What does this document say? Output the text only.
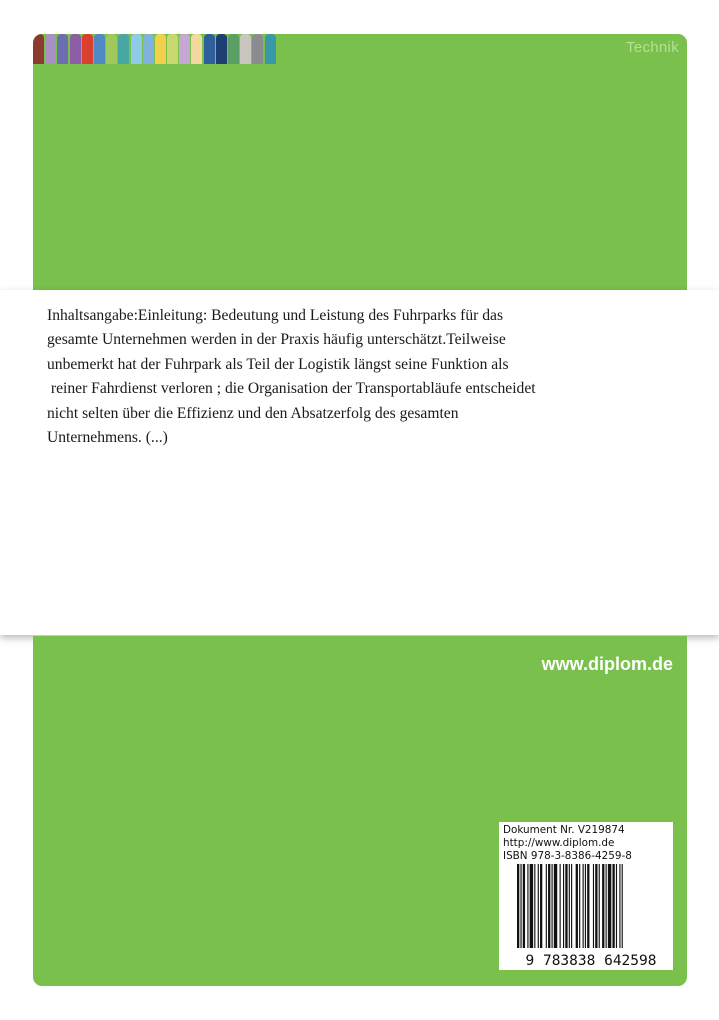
Technik

Inhaltsangabe:Einleitung: Bedeutung und Leistung des Fuhrparks für das
gesamte Unternehmen werden in der Praxis häufig unterschätzt.Teilweise
unbemerkt hat der Fuhrpark als Teil der Logistik längst seine Funktion als
reiner Fahrdienst verloren ; die Organisation der Transportabläufe entscheidet
nicht selten über die Effizienz und den Absatzerfolg des gesamten
Unternehmens. (...)

www.diplom.de
Dokument Nr. V219874
http://www.diplom.de
ISBN 978-3-8386-4259-8
9 783838 642598
